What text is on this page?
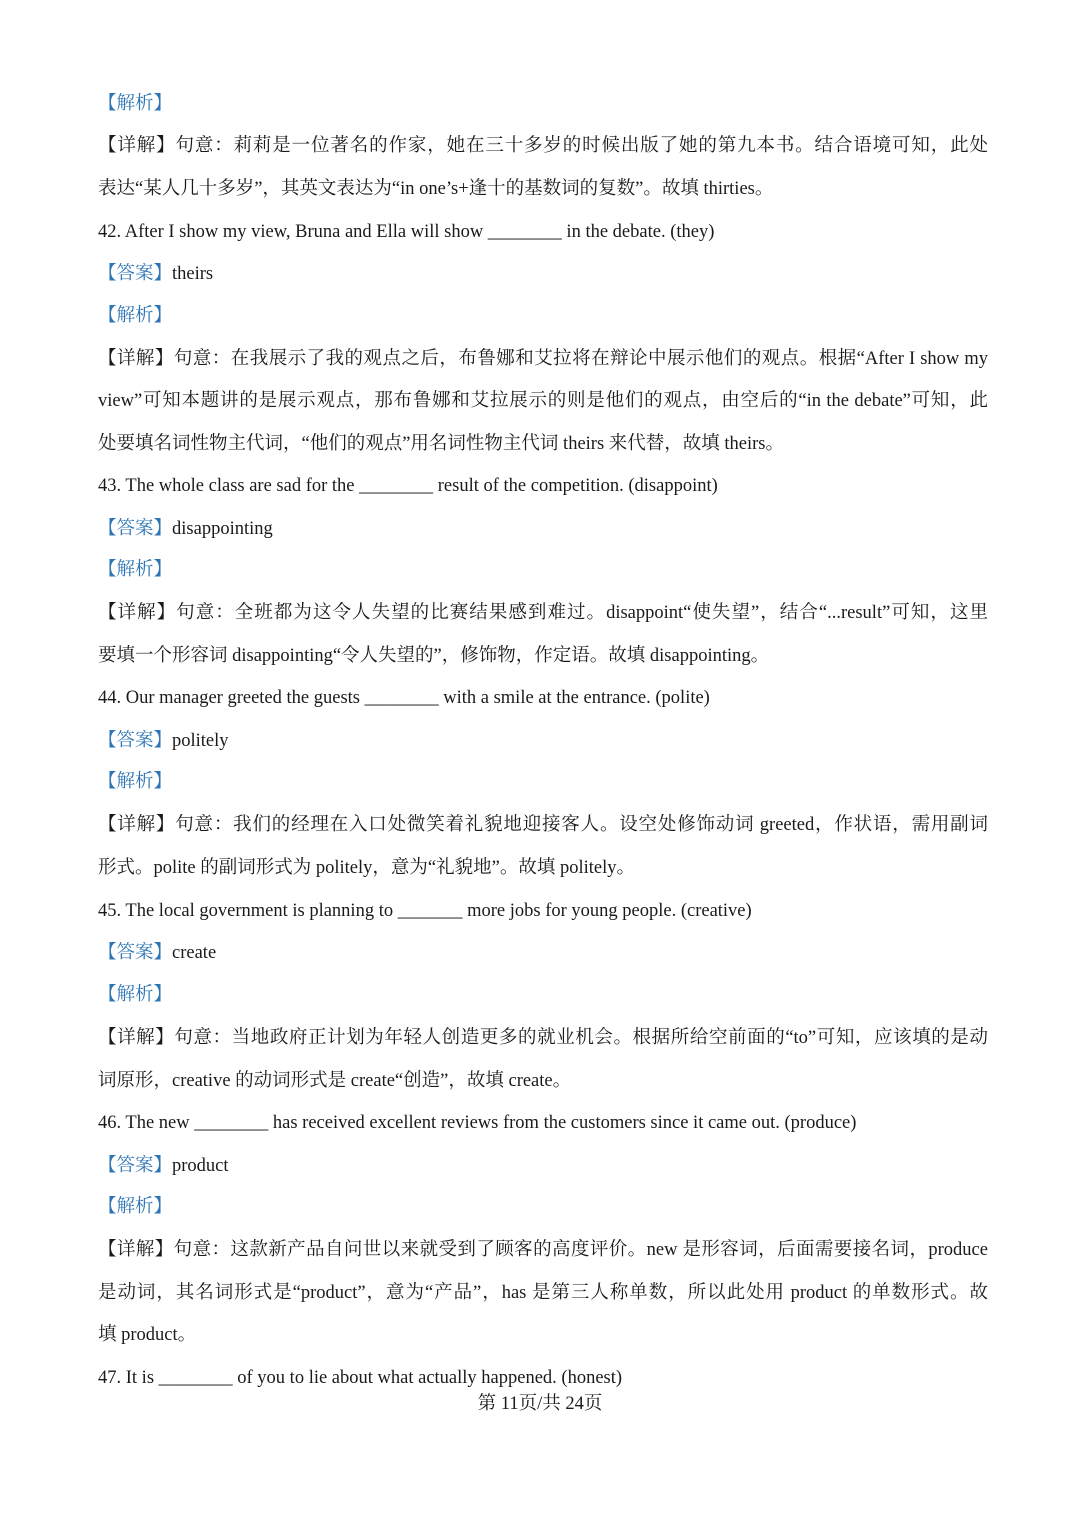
【解析】
【详解】句意：莉莉是一位著名的作家，她在三十多岁的时候出版了她的第九本书。结合语境可知，此处
表达“某人几十多岁”，其英文表达为“in one’s+逢十的基数词的复数”。故填 thirties。
42. After I show my view, Bruna and Ella will show ________ in the debate. (they)
【答案】theirs
【解析】
【详解】句意：在我展示了我的观点之后，布鲁娜和艾拉将在辩论中展示他们的观点。根据“After I show my
view”可知本题讲的是展示观点，那布鲁娜和艾拉展示的则是他们的观点，由空后的“in the debate”可知，此
处要填名词性物主代词，“他们的观点”用名词性物主代词 theirs 来代替，故填 theirs。
43. The whole class are sad for the ________ result of the competition. (disappoint)
【答案】disappointing
【解析】
【详解】句意：全班都为这令人失望的比赛结果感到难过。disappoint“使失望”，结合“...result”可知，这里
要填一个形容词 disappointing“令人失望的”，修饰物，作定语。故填 disappointing。
44. Our manager greeted the guests ________ with a smile at the entrance. (polite)
【答案】politely
【解析】
【详解】句意：我们的经理在入口处微笑着礼貌地迎接客人。设空处修饰动词 greeted，作状语，需用副词
形式。polite 的副词形式为 politely，意为“礼貌地”。故填 politely。
45. The local government is planning to _______ more jobs for young people. (creative)
【答案】create
【解析】
【详解】句意：当地政府正计划为年轻人创造更多的就业机会。根据所给空前面的“to”可知，应该填的是动
词原形，creative 的动词形式是 create“创造”，故填 create。
46. The new ________ has received excellent reviews from the customers since it came out. (produce)
【答案】product
【解析】
【详解】句意：这款新产品自问世以来就受到了顾客的高度评价。new 是形容词，后面需要接名词，produce
是动词，其名词形式是“product”，意为“产品”，has 是第三人称单数，所以此处用 product 的单数形式。故
填 product。
47. It is ________ of you to lie about what actually happened. (honest)
第 11页/共 24页
